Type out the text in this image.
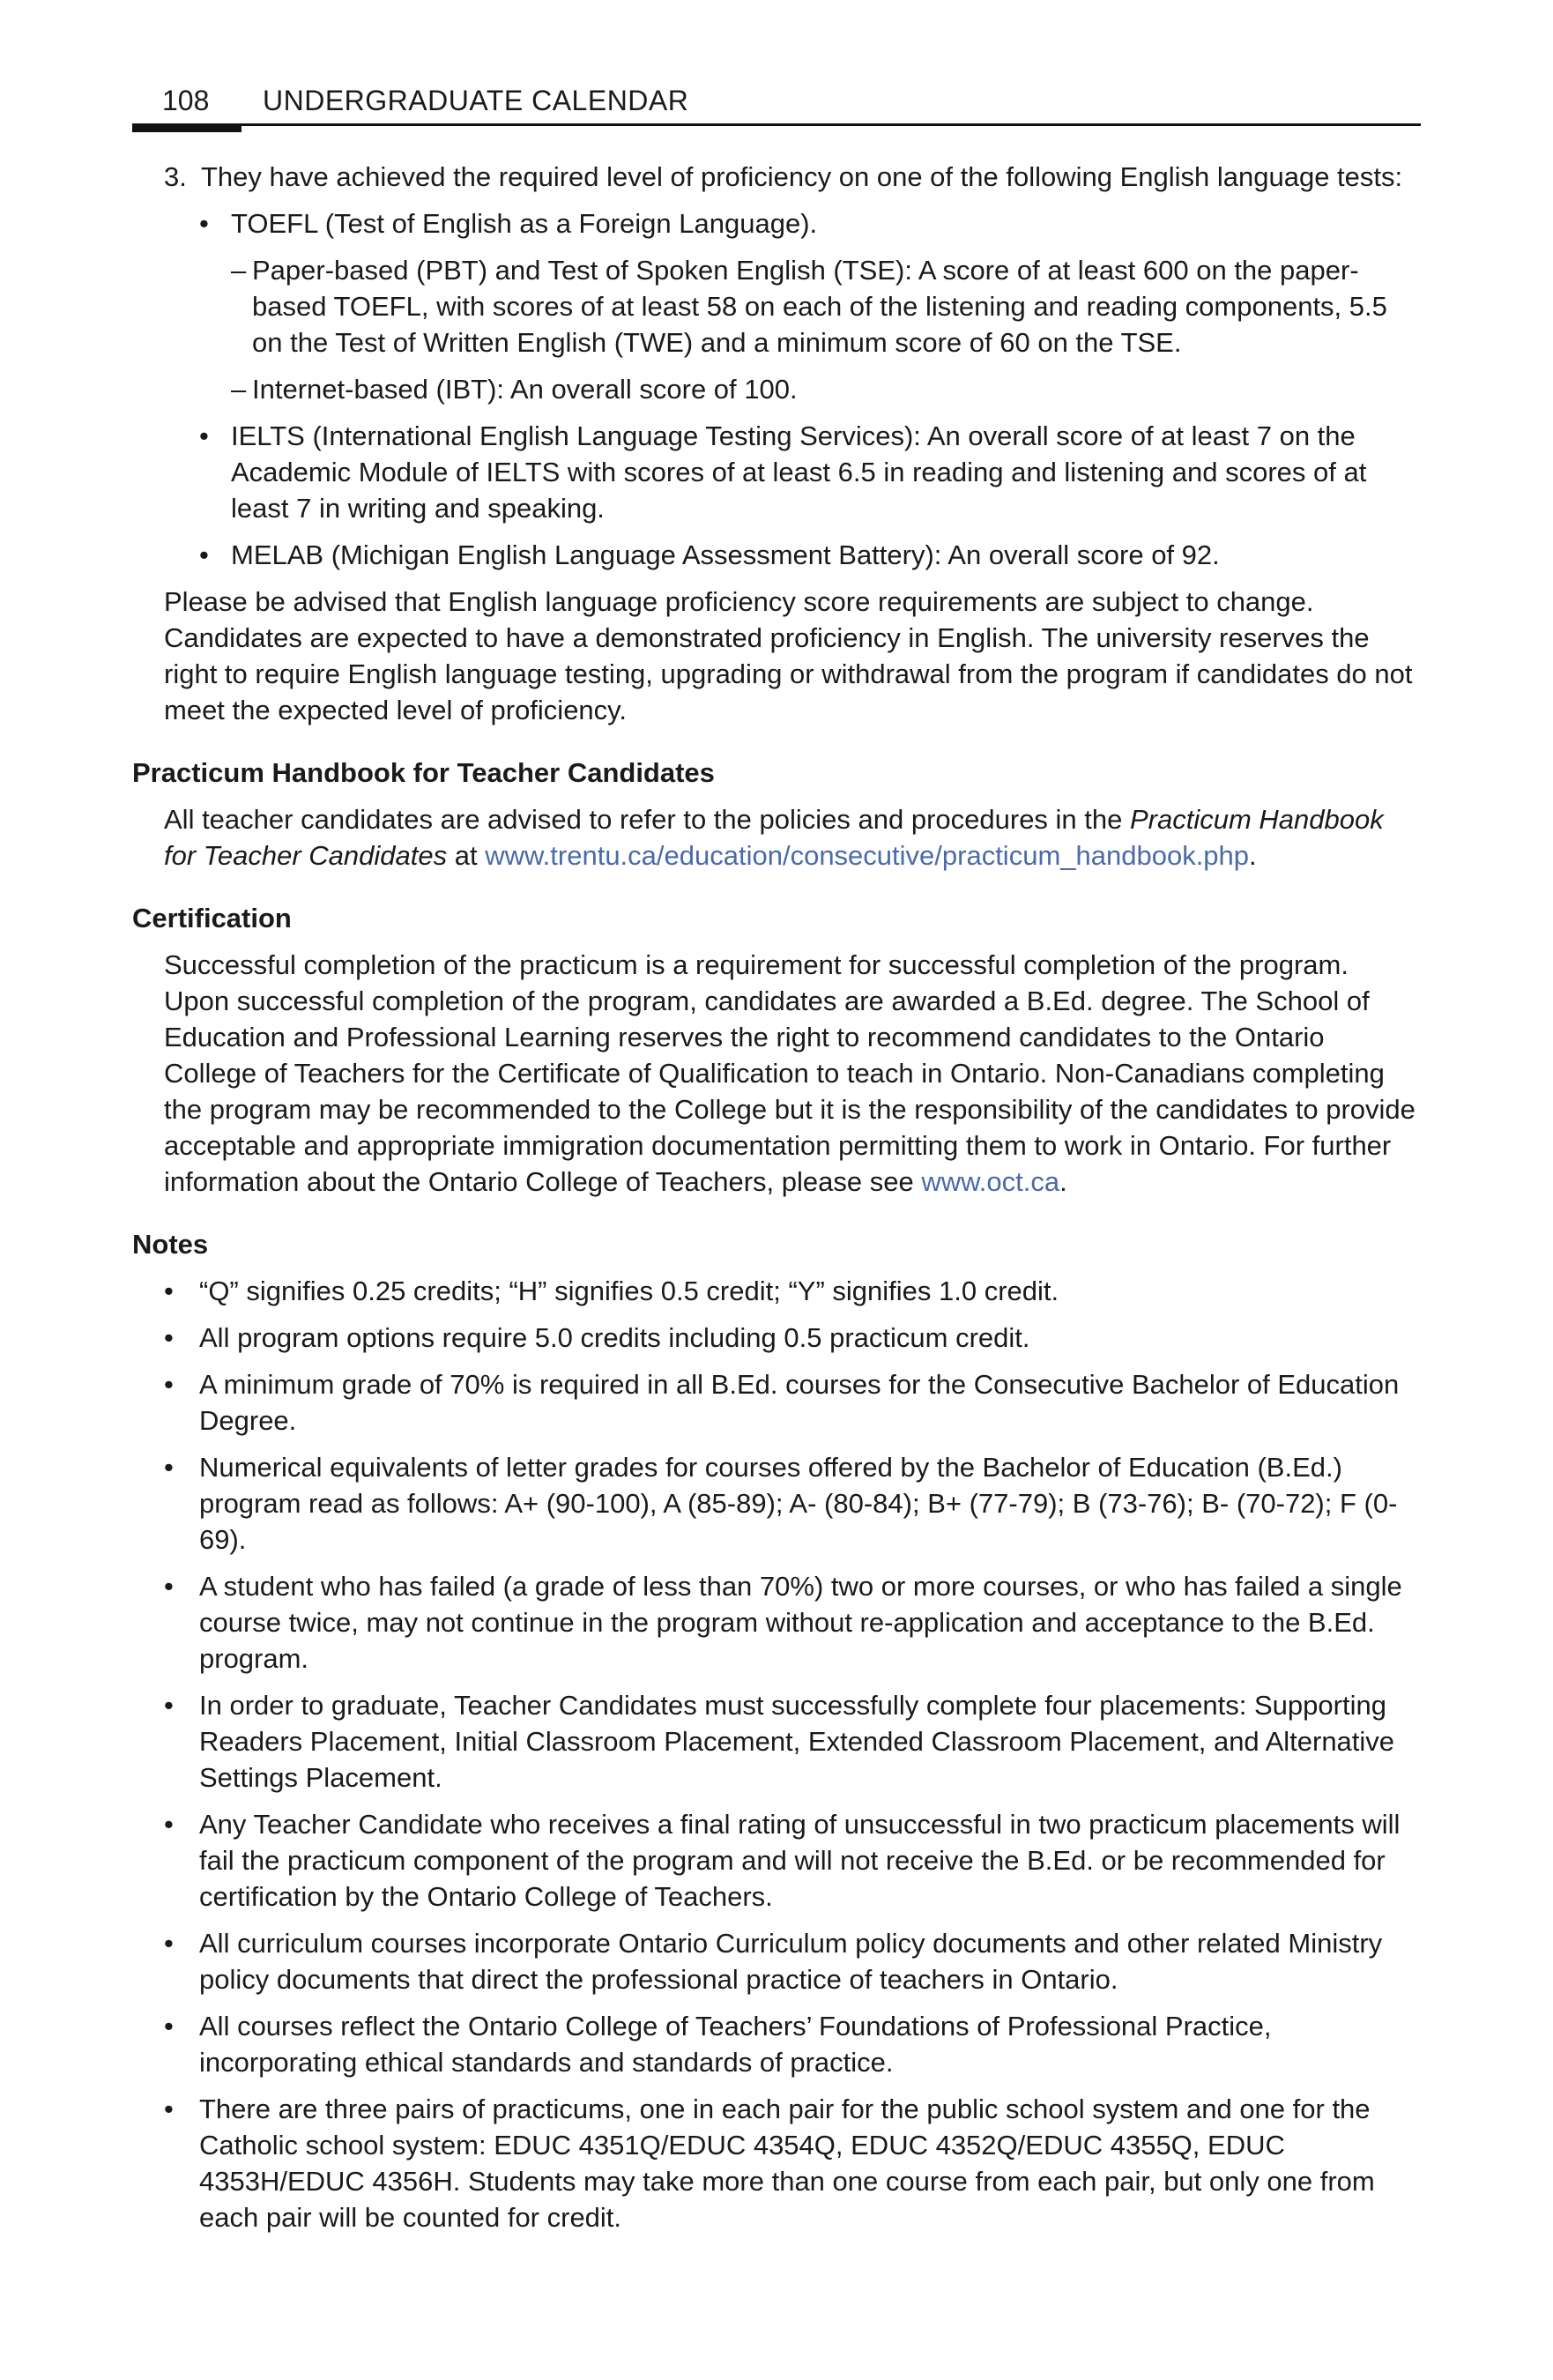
108 UNDERGRADUATE CALENDAR
3. They have achieved the required level of proficiency on one of the following English language tests:
• TOEFL (Test of English as a Foreign Language).
– Paper-based (PBT) and Test of Spoken English (TSE): A score of at least 600 on the paper-based TOEFL, with scores of at least 58 on each of the listening and reading components, 5.5 on the Test of Written English (TWE) and a minimum score of 60 on the TSE.
– Internet-based (IBT): An overall score of 100.
• IELTS (International English Language Testing Services): An overall score of at least 7 on the Academic Module of IELTS with scores of at least 6.5 in reading and listening and scores of at least 7 in writing and speaking.
• MELAB (Michigan English Language Assessment Battery): An overall score of 92.

Please be advised that English language proficiency score requirements are subject to change. Candidates are expected to have a demonstrated proficiency in English. The university reserves the right to require English language testing, upgrading or withdrawal from the program if candidates do not meet the expected level of proficiency.

Practicum Handbook for Teacher Candidates

All teacher candidates are advised to refer to the policies and procedures in the Practicum Handbook for Teacher Candidates at www.trentu.ca/education/consecutive/practicum_handbook.php.

Certification

Successful completion of the practicum is a requirement for successful completion of the program. Upon successful completion of the program, candidates are awarded a B.Ed. degree. The School of Education and Professional Learning reserves the right to recommend candidates to the Ontario College of Teachers for the Certificate of Qualification to teach in Ontario. Non-Canadians completing the program may be recommended to the College but it is the responsibility of the candidates to provide acceptable and appropriate immigration documentation permitting them to work in Ontario. For further information about the Ontario College of Teachers, please see www.oct.ca.

Notes
• “Q” signifies 0.25 credits; “H” signifies 0.5 credit; “Y” signifies 1.0 credit.
• All program options require 5.0 credits including 0.5 practicum credit.
• A minimum grade of 70% is required in all B.Ed. courses for the Consecutive Bachelor of Education Degree.
• Numerical equivalents of letter grades for courses offered by the Bachelor of Education (B.Ed.) program read as follows: A+ (90-100), A (85-89); A- (80-84); B+ (77-79); B (73-76); B- (70-72); F (0-69).
• A student who has failed (a grade of less than 70%) two or more courses, or who has failed a single course twice, may not continue in the program without re-application and acceptance to the B.Ed. program.
• In order to graduate, Teacher Candidates must successfully complete four placements: Supporting Readers Placement, Initial Classroom Placement, Extended Classroom Placement, and Alternative Settings Placement.
• Any Teacher Candidate who receives a final rating of unsuccessful in two practicum placements will fail the practicum component of the program and will not receive the B.Ed. or be recommended for certification by the Ontario College of Teachers.
• All curriculum courses incorporate Ontario Curriculum policy documents and other related Ministry policy documents that direct the professional practice of teachers in Ontario.
• All courses reflect the Ontario College of Teachers’ Foundations of Professional Practice, incorporating ethical standards and standards of practice.
• There are three pairs of practicums, one in each pair for the public school system and one for the Catholic school system: EDUC 4351Q/EDUC 4354Q, EDUC 4352Q/EDUC 4355Q, EDUC 4353H/EDUC 4356H. Students may take more than one course from each pair, but only one from each pair will be counted for credit.
